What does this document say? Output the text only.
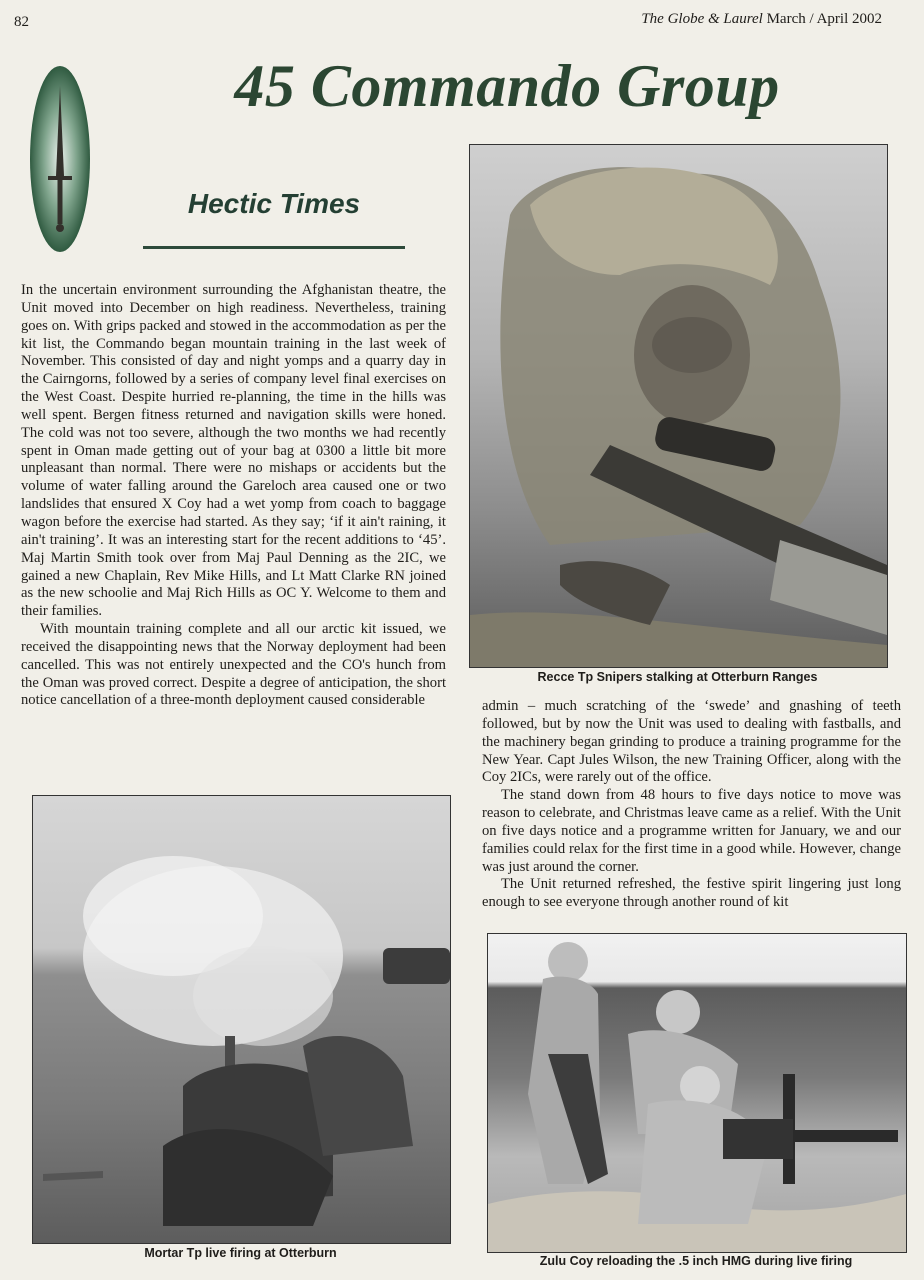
82	The Globe & Laurel March / April 2002
45 Commando Group
Hectic Times

In the uncertain environment surrounding the Afghanistan theatre, the Unit moved into December on high readiness. Nevertheless, training goes on. With grips packed and stowed in the accommodation as per the kit list, the Commando began mountain training in the last week of November. This consisted of day and night yomps and a quarry day in the Cairngorns, followed by a series of company level final exercises on the West Coast. Despite hurried re-planning, the time in the hills was well spent. Bergen fitness returned and navigation skills were honed. The cold was not too severe, although the two months we had recently spent in Oman made getting out of your bag at 0300 a little bit more unpleasant than normal. There were no mishaps or accidents but the volume of water falling around the Gareloch area caused one or two landslides that ensured X Coy had a wet yomp from coach to baggage wagon before the exercise had started. As they say; ‘if it ain't raining, it ain't training’. It was an interesting start for the recent additions to ‘45’. Maj Martin Smith took over from Maj Paul Denning as the 2IC, we gained a new Chaplain, Rev Mike Hills, and Lt Matt Clarke RN joined as the new schoolie and Maj Rich Hills as OC Y. Welcome to them and their families.

With mountain training complete and all our arctic kit issued, we received the disappointing news that the Norway deployment had been cancelled. This was not entirely unexpected and the CO's hunch from the Oman was proved correct. Despite a degree of anticipation, the short notice cancellation of a three-month deployment caused considerable	admin – much scratching of the ‘swede’ and gnashing of teeth followed, but by now the Unit was used to dealing with fastballs, and the machinery began grinding to produce a training programme for the New Year. Capt Jules Wilson, the new Training Officer, along with the Coy 2ICs, were rarely out of the office.

The stand down from 48 hours to five days notice to move was reason to celebrate, and Christmas leave came as a relief. With the Unit on five days notice and a programme written for January, we and our families could relax for the first time in a good while. However, change was just around the corner.

The Unit returned refreshed, the festive spirit lingering just long enough to see everyone through another round of kit

Recce Tp Snipers stalking at Otterburn Ranges
Mortar Tp live firing at Otterburn
Zulu Coy reloading the .5 inch HMG during live firing
